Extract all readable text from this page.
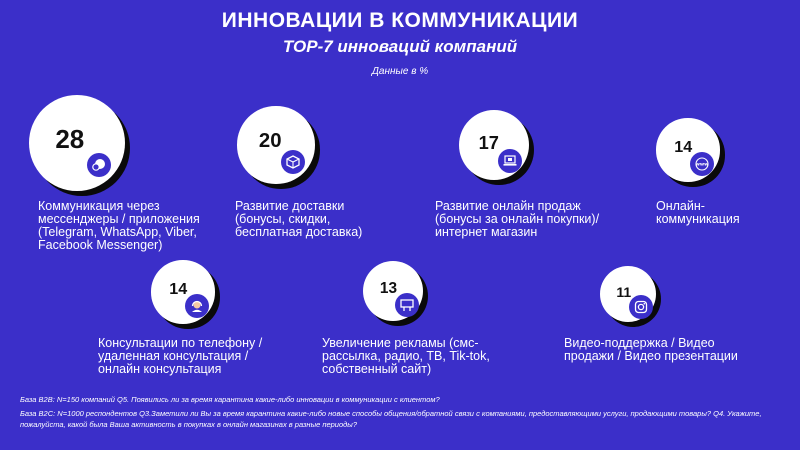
ИННОВАЦИИ В КОММУНИКАЦИИ
ТОР-7 инноваций компаний
Данные в %
28
Коммуникация через мессенджеры / приложения (Telegram, WhatsApp, Viber, Facebook Messenger)
20
Развитие доставки (бонусы, скидки, бесплатная доставка)
17
Развитие онлайн продаж (бонусы за онлайн покупки)/ интернет магазин
14
www
Онлайн-коммуникация
14
Консультации по телефону / удаленная консультация / онлайн консультация
13
Увеличение рекламы (смс-рассылка, радио, ТВ, Tik-tok, собственный сайт)
11
Видео-поддержка / Видео продажи / Видео презентации
База В2В: N=150 компаний Q5. Появились ли за время карантина какие-либо инновации в коммуникации с клиентом?
База В2С: N=1000 респондентов Q3.Заметили ли Вы за время карантина какие-либо новые способы общения/обратной связи с компаниями, предоставляющими услуги, продающими товары? Q4. Укажите, пожалуйста, какой была Ваша активность в покупках в онлайн магазинах в разные периоды?
